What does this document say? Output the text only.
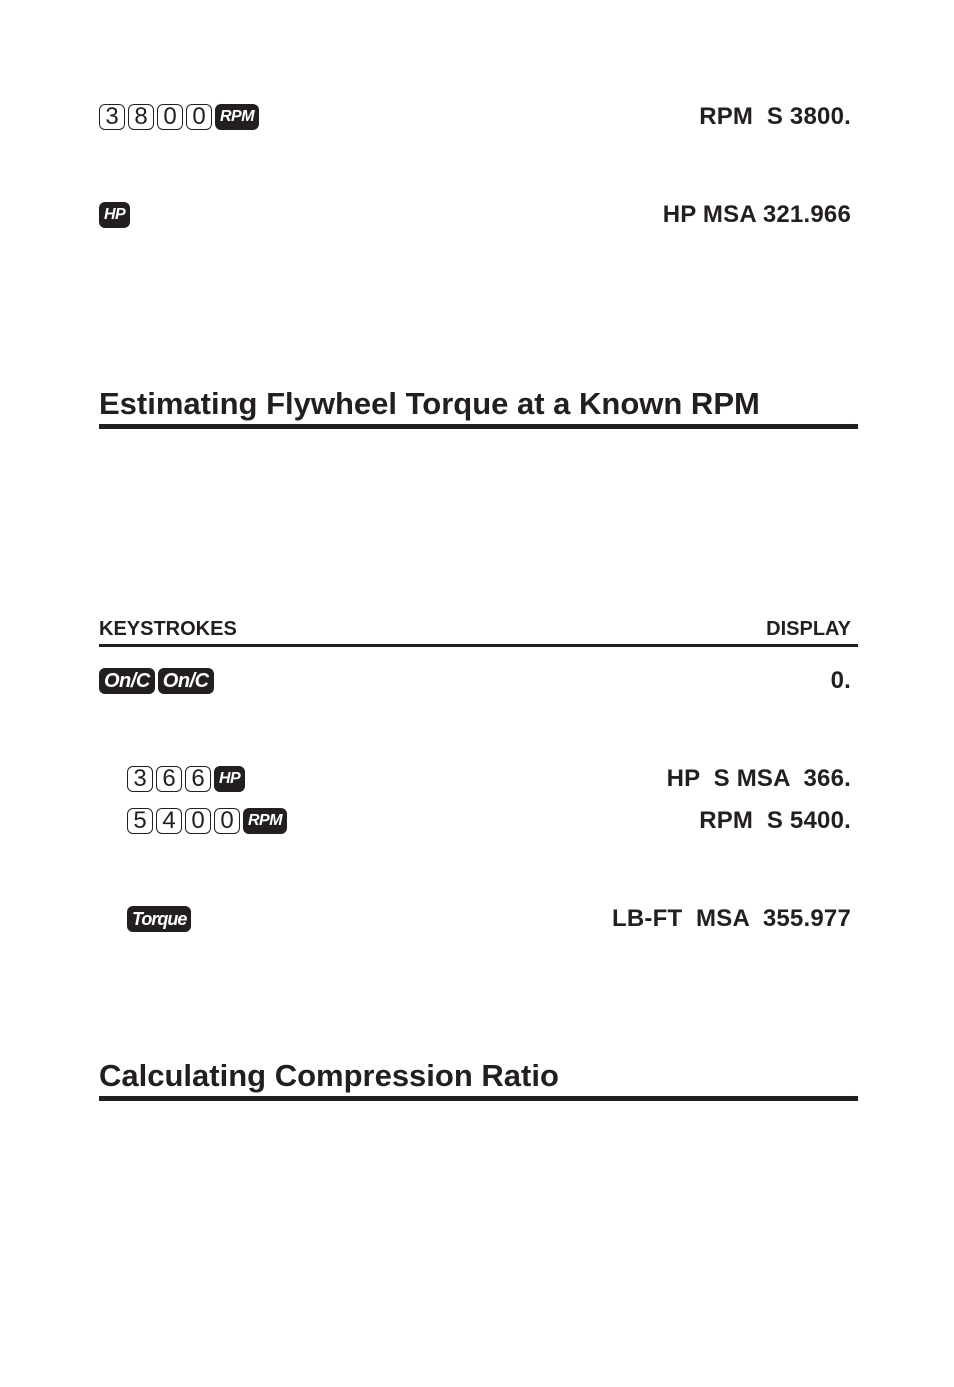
3 8 0 0 RPM	RPM  S 3800.
HP	HP MSA 321.966
Estimating Flywheel Torque at a Known RPM
KEYSTROKES	DISPLAY
On/C On/C	0.
3 6 6 HP	HP  S MSA  366.
5 4 0 0 RPM	RPM  S 5400.
Torque	LB-FT  MSA  355.977
Calculating Compression Ratio
